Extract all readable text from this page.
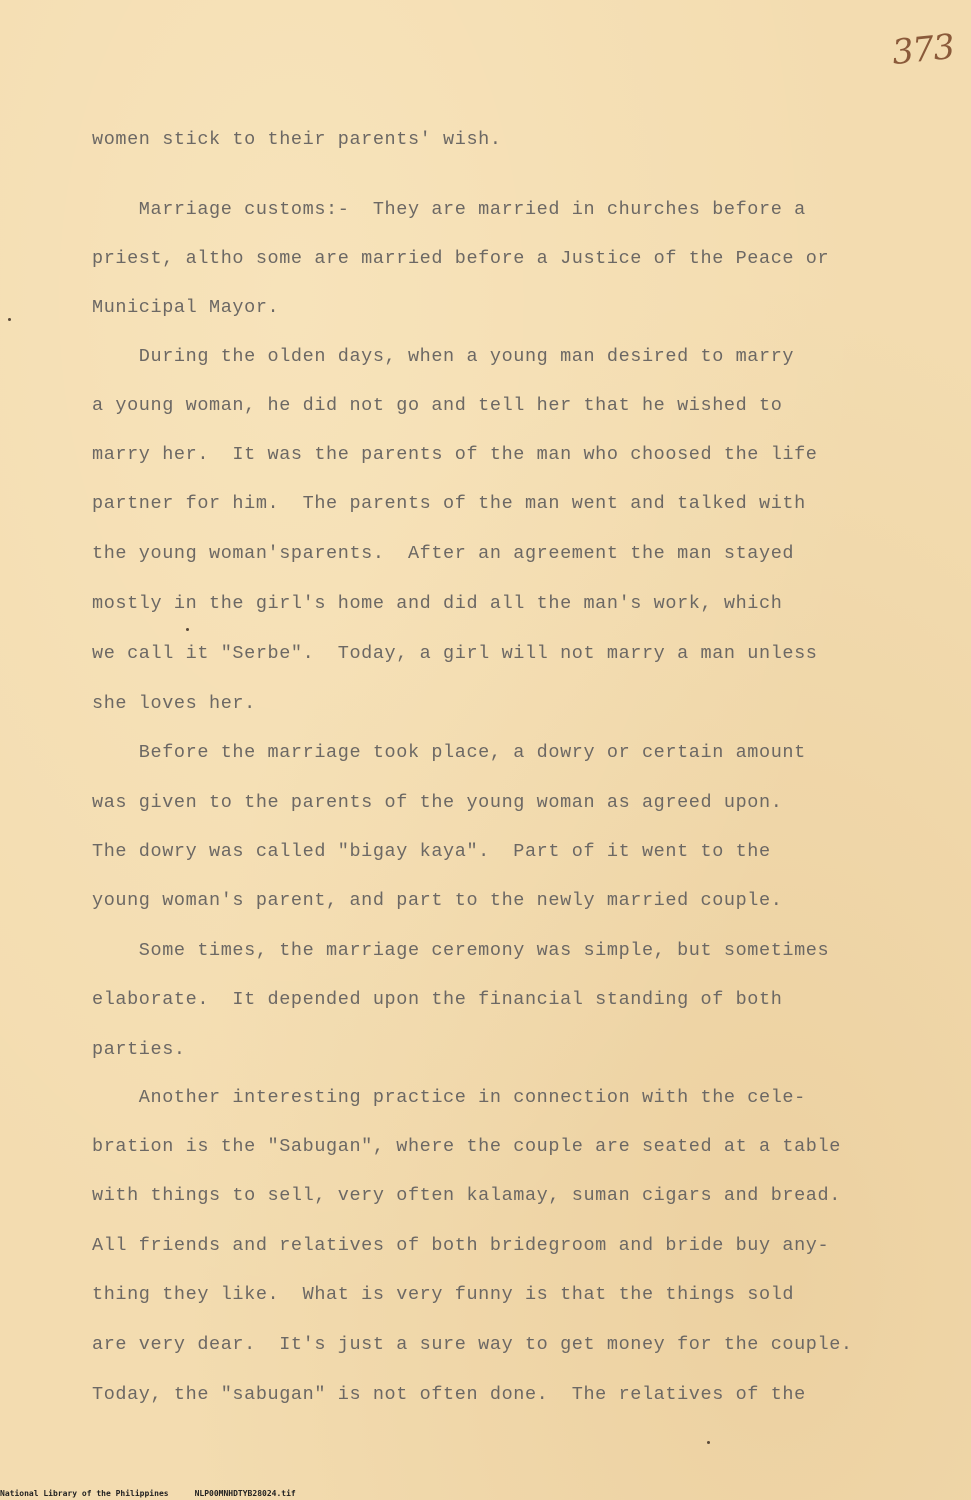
373
women stick to their parents' wish.
Marriage customs:-  They are married in churches before a
priest, altho some are married before a Justice of the Peace or
Municipal Mayor.
During the olden days, when a young man desired to marry
a young woman, he did not go and tell her that he wished to
marry her.  It was the parents of the man who choosed the life
partner for him.  The parents of the man went and talked with
the young woman'sparents.  After an agreement the man stayed
mostly in the girl's home and did all the man's work, which
we call it "Serbe".  Today, a girl will not marry a man unless
she loves her.
Before the marriage took place, a dowry or certain amount
was given to the parents of the young woman as agreed upon.
The dowry was called "bigay kaya".  Part of it went to the
young woman's parent, and part to the newly married couple.
Some times, the marriage ceremony was simple, but sometimes
elaborate.  It depended upon the financial standing of both
parties.
Another interesting practice in connection with the cele-
bration is the "Sabugan", where the couple are seated at a table
with things to sell, very often kalamay, suman cigars and bread.
All friends and relatives of both bridegroom and bride buy any-
thing they like.  What is very funny is that the things sold
are very dear.  It's just a sure way to get money for the couple.
Today, the "sabugan" is not often done.  The relatives of the
National Library of the Philippines	NLP00MNHDTYB28024.tif
